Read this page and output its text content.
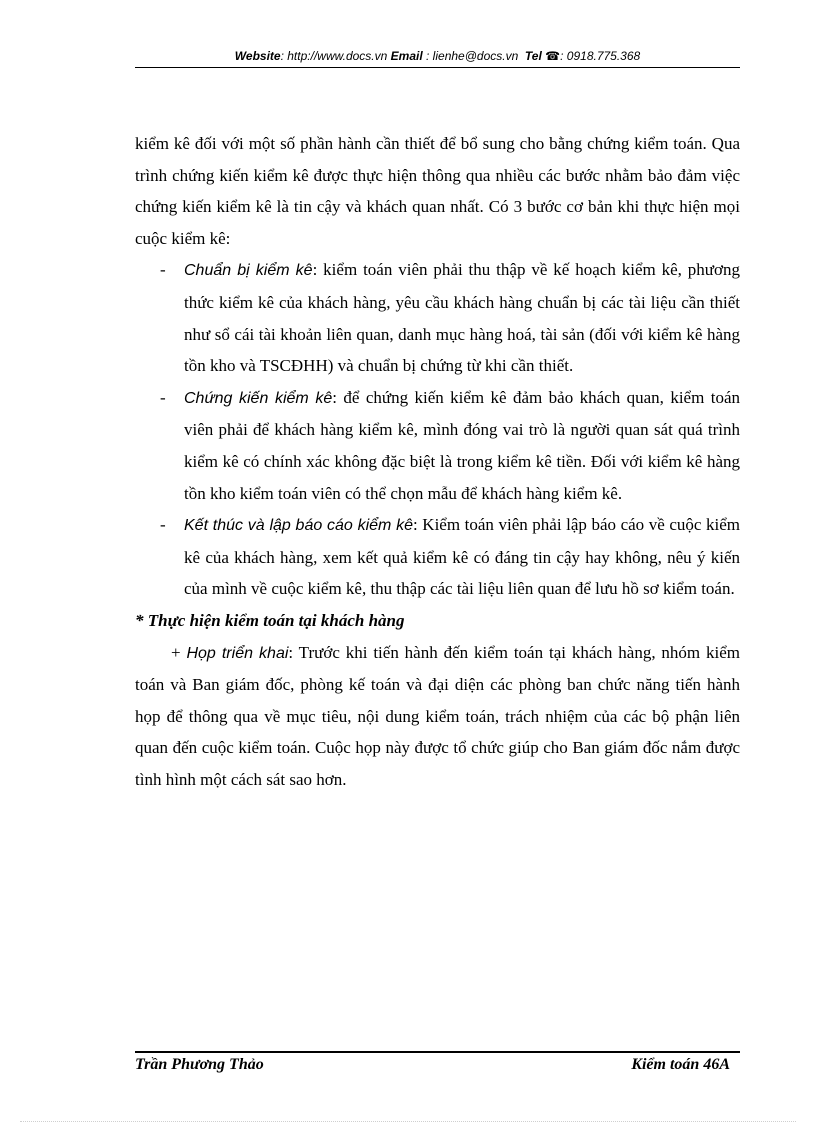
Website: http://www.docs.vn Email : lienhe@docs.vn Tel ☎: 0918.775.368

kiểm kê đối với một số phần hành cần thiết để bổ sung cho bằng chứng kiểm toán. Qua trình chứng kiến kiểm kê được thực hiện thông qua nhiều các bước nhằm bảo đảm việc chứng kiến kiểm kê là tin cậy và khách quan nhất. Có 3 bước cơ bản khi thực hiện mọi cuộc kiểm kê:

- Chuẩn bị kiểm kê: kiểm toán viên phải thu thập về kế hoạch kiểm kê, phương thức kiểm kê của khách hàng, yêu cầu khách hàng chuẩn bị các tài liệu cần thiết như sổ cái tài khoản liên quan, danh mục hàng hoá, tài sản (đối với kiểm kê hàng tồn kho và TSCĐHH) và chuẩn bị chứng từ khi cần thiết.
- Chứng kiến kiểm kê: để chứng kiến kiểm kê đảm bảo khách quan, kiểm toán viên phải để khách hàng kiểm kê, mình đóng vai trò là người quan sát quá trình kiểm kê có chính xác không đặc biệt là trong kiểm kê tiền. Đối với kiểm kê hàng tồn kho kiểm toán viên có thể chọn mẫu để khách hàng kiểm kê.
- Kết thúc và lập báo cáo kiểm kê: Kiểm toán viên phải lập báo cáo về cuộc kiểm kê của khách hàng, xem kết quả kiểm kê có đáng tin cậy hay không, nêu ý kiến của mình về cuộc kiểm kê, thu thập các tài liệu liên quan để lưu hồ sơ kiểm toán.

* Thực hiện kiểm toán tại khách hàng

+ Họp triển khai: Trước khi tiến hành đến kiểm toán tại khách hàng, nhóm kiểm toán và Ban giám đốc, phòng kế toán và đại diện các phòng ban chức năng tiến hành họp để thông qua về mục tiêu, nội dung kiểm toán, trách nhiệm của các bộ phận liên quan đến cuộc kiểm toán. Cuộc họp này được tổ chức giúp cho Ban giám đốc nắm được tình hình một cách sát sao hơn.

Trần Phương Thảo	Kiểm toán 46A
